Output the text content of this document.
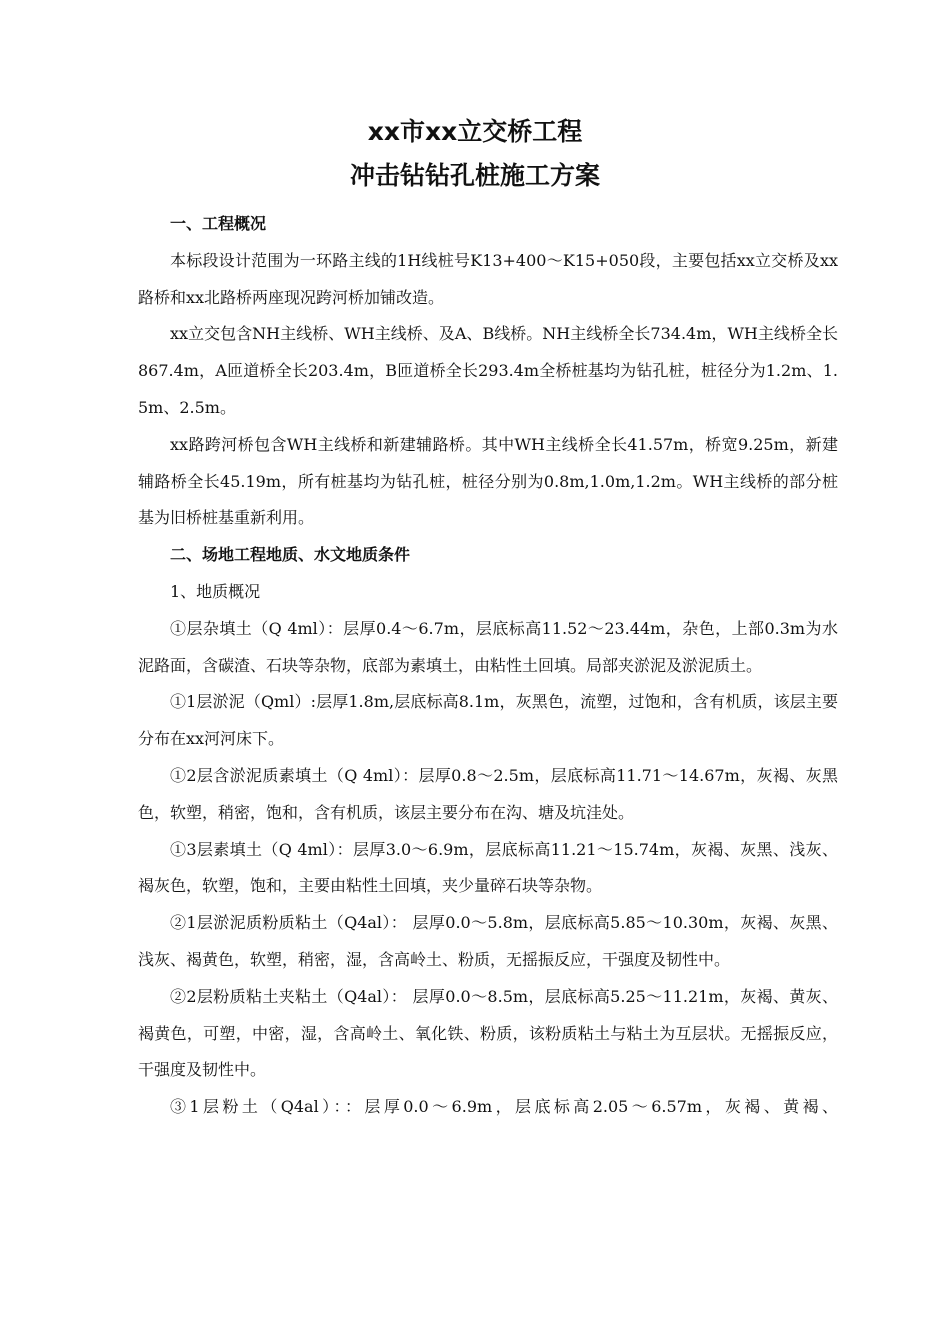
xx市xx立交桥工程
冲击钻钻孔桩施工方案

一、工程概况

本标段设计范围为一环路主线的1H线桩号K13+400～K15+050段，主要包括xx立交桥及xx路桥和xx北路桥两座现况跨河桥加铺改造。

xx立交包含NH主线桥、WH主线桥、及A、B线桥。NH主线桥全长734.4m，WH主线桥全长867.4m，A匝道桥全长203.4m，B匝道桥全长293.4m全桥桩基均为钻孔桩，桩径分为1.2m、1.5m、2.5m。

xx路跨河桥包含WH主线桥和新建辅路桥。其中WH主线桥全长41.57m，桥宽9.25m，新建辅路桥全长45.19m，所有桩基均为钻孔桩，桩径分别为0.8m,1.0m,1.2m。WH主线桥的部分桩基为旧桥桩基重新利用。

二、场地工程地质、水文地质条件

1、地质概况

①层杂填土（Q 4ml）：层厚0.4～6.7m，层底标高11.52～23.44m，杂色，上部0.3m为水泥路面，含碳渣、石块等杂物，底部为素填土，由粘性土回填。局部夹淤泥及淤泥质土。

①1层淤泥（Qml）:层厚1.8m,层底标高8.1m，灰黑色，流塑，过饱和，含有机质，该层主要分布在xx河河床下。

①2层含淤泥质素填土（Q 4ml）：层厚0.8～2.5m，层底标高11.71～14.67m，灰褐、灰黑色，软塑，稍密，饱和，含有机质，该层主要分布在沟、塘及坑洼处。

①3层素填土（Q 4ml）：层厚3.0～6.9m，层底标高11.21～15.74m，灰褐、灰黑、浅灰、褐灰色，软塑，饱和，主要由粘性土回填，夹少量碎石块等杂物。

②1层淤泥质粉质粘土（Q4al）： 层厚0.0～5.8m，层底标高5.85～10.30m，灰褐、灰黑、浅灰、褐黄色，软塑，稍密，湿，含高岭土、粉质，无摇振反应，干强度及韧性中。

②2层粉质粘土夹粘土（Q4al）： 层厚0.0～8.5m，层底标高5.25～11.21m，灰褐、黄灰、褐黄色，可塑，中密，湿，含高岭土、氧化铁、粉质，该粉质粘土与粘土为互层状。无摇振反应，干强度及韧性中。

③1层粉土（Q4al）：：层厚0.0～6.9m，层底标高2.05～6.57m，灰褐、黄褐、
